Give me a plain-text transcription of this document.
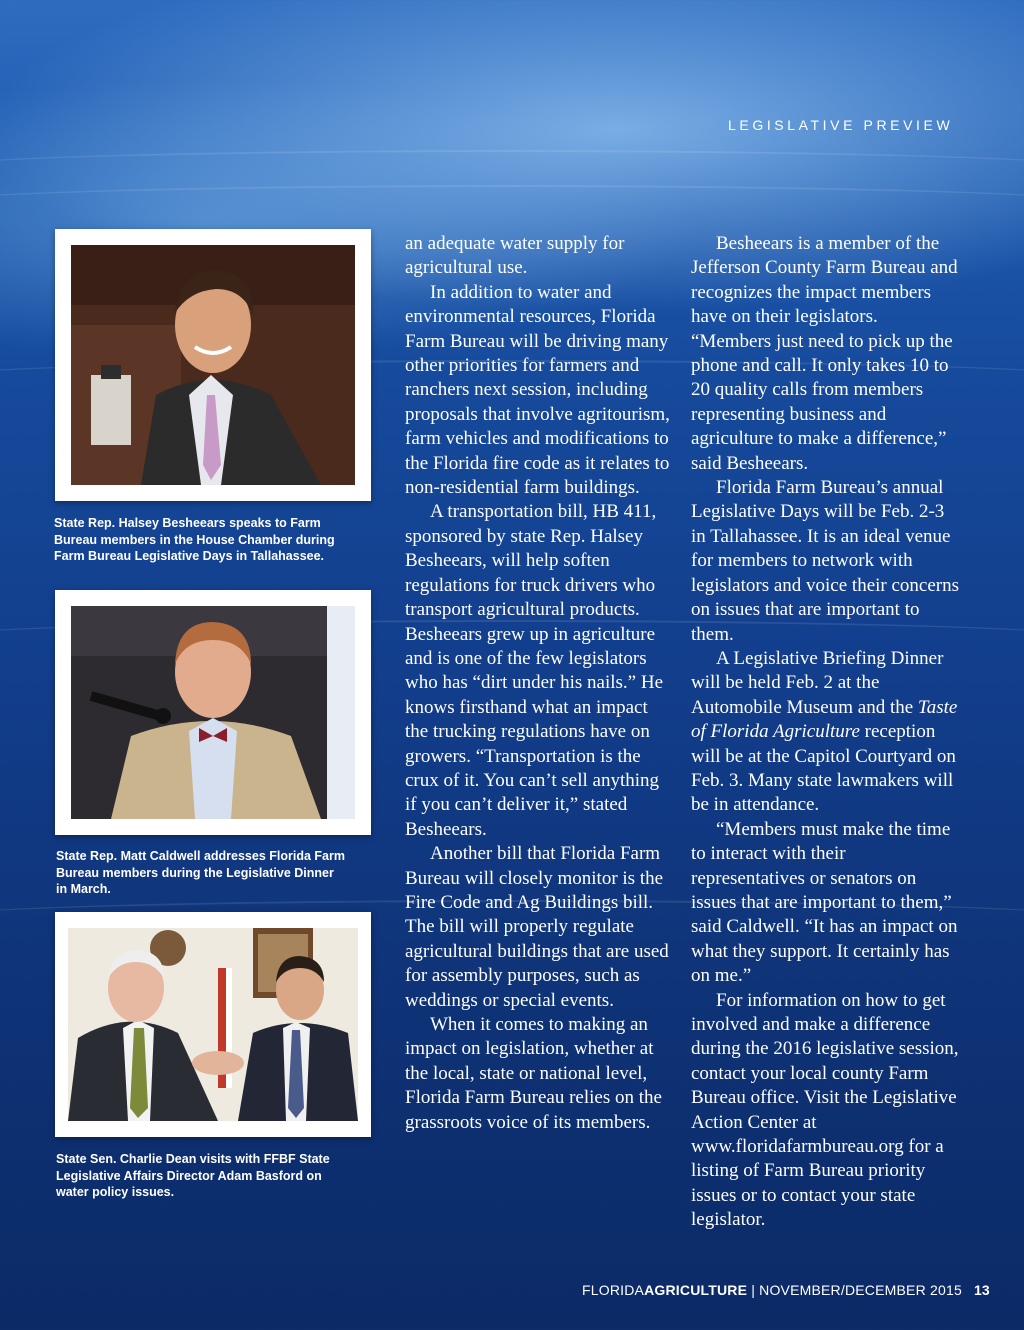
LEGISLATIVE PREVIEW
State Rep. Halsey Besheears speaks to Farm Bureau members in the House Chamber during Farm Bureau Legislative Days in Tallahassee.
State Rep. Matt Caldwell addresses Florida Farm Bureau members during the Legislative Dinner in March.
State Sen. Charlie Dean visits with FFBF State Legislative Affairs Director Adam Basford on water policy issues.

an adequate water supply for agricultural use.

In addition to water and environmental resources, Florida Farm Bureau will be driving many other priorities for farmers and ranchers next session, including proposals that involve agritourism, farm vehicles and modifications to the Florida fire code as it relates to non-residential farm buildings.

A transportation bill, HB 411, sponsored by state Rep. Halsey Besheears, will help soften regulations for truck drivers who transport agricultural products. Besheears grew up in agriculture and is one of the few legislators who has “dirt under his nails.” He knows firsthand what an impact the trucking regulations have on growers. “Transportation is the crux of it. You can’t sell anything if you can’t deliver it,” stated Besheears.

Another bill that Florida Farm Bureau will closely monitor is the Fire Code and Ag Buildings bill. The bill will properly regulate agricultural buildings that are used for assembly purposes, such as weddings or special events.

When it comes to making an impact on legislation, whether at the local, state or national level, Florida Farm Bureau relies on the grassroots voice of its members.

Besheears is a member of the Jefferson County Farm Bureau and recognizes the impact members have on their legislators. “Members just need to pick up the phone and call. It only takes 10 to 20 quality calls from members representing business and agriculture to make a difference,” said Besheears.

Florida Farm Bureau’s annual Legislative Days will be Feb. 2-3 in Tallahassee. It is an ideal venue for members to network with legislators and voice their concerns on issues that are important to them.

A Legislative Briefing Dinner will be held Feb. 2 at the Automobile Museum and the Taste of Florida Agriculture reception will be at the Capitol Courtyard on Feb. 3. Many state lawmakers will be in attendance.

“Members must make the time to interact with their representatives or senators on issues that are important to them,” said Caldwell. “It has an impact on what they support. It certainly has on me.”

For information on how to get involved and make a difference during the 2016 legislative session, contact your local county Farm Bureau office. Visit the Legislative Action Center at www.floridafarmbureau.org for a listing of Farm Bureau priority issues or to contact your state legislator.

FLORIDAAGRICULTURE | NOVEMBER/DECEMBER 2015 13
